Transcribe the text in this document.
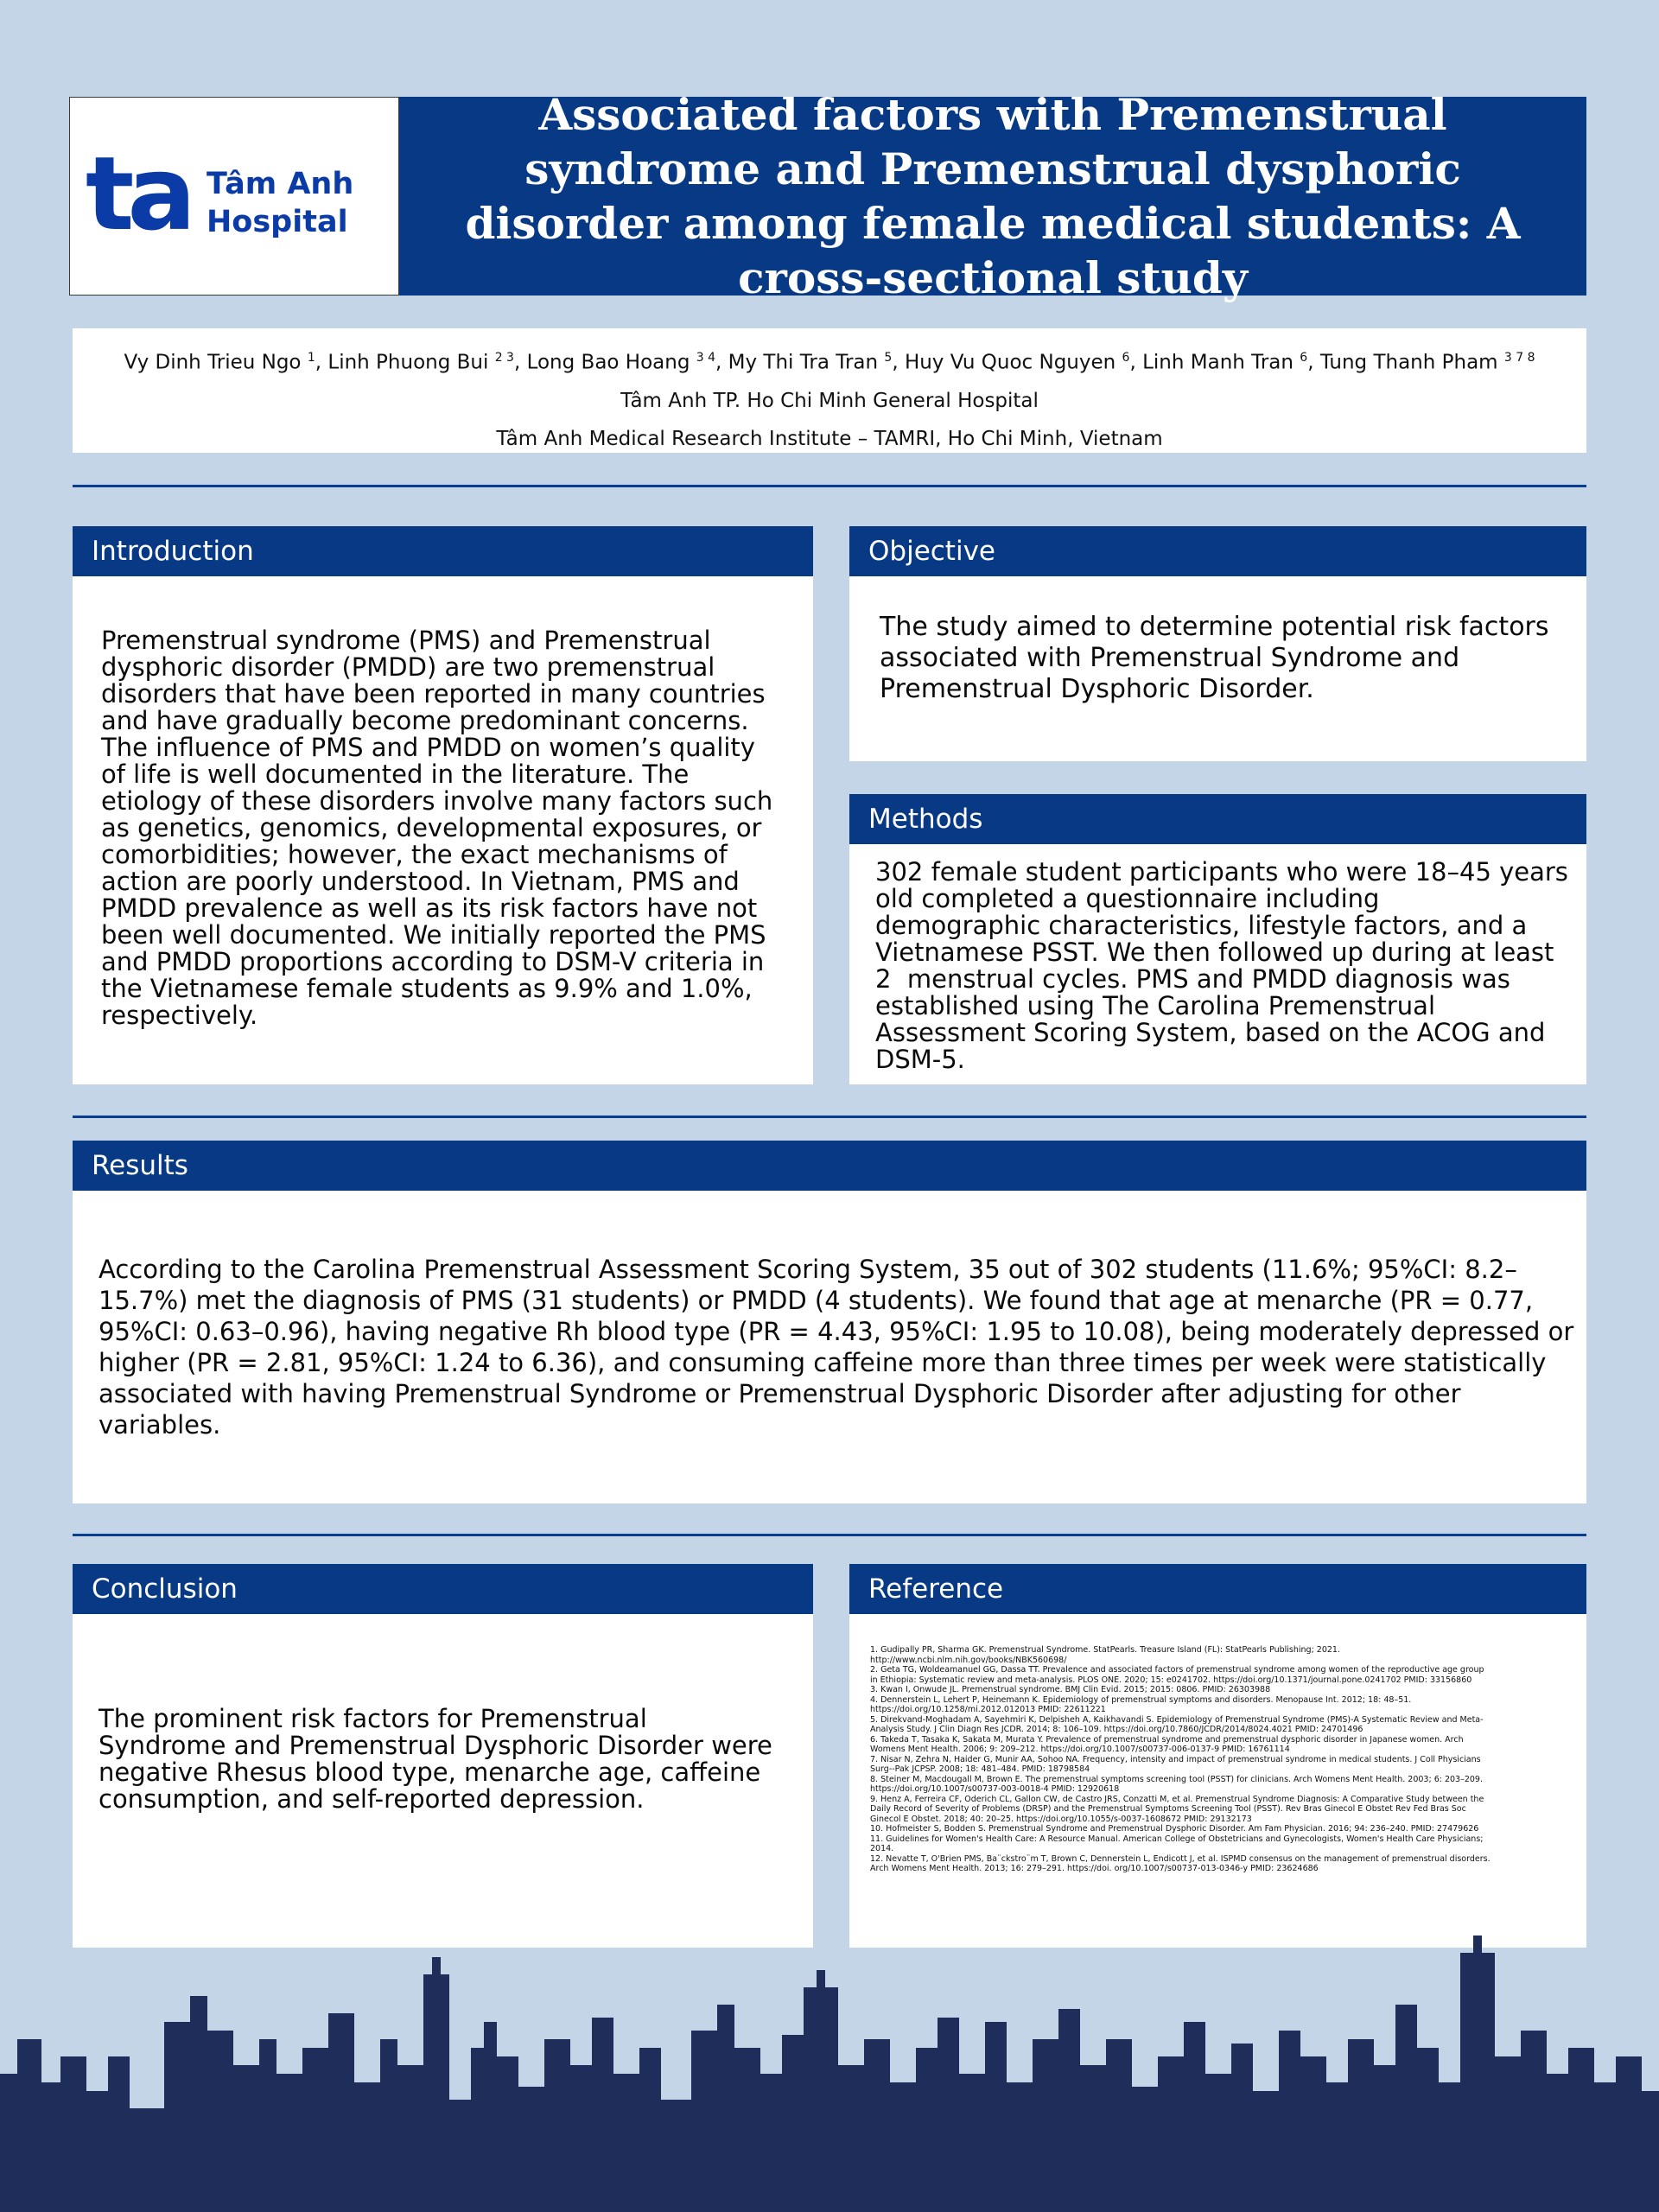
ta Tâm Anh
Hospital
Associated factors with Premenstrual syndrome and Premenstrual dysphoric disorder among female medical students: A cross-sectional study
Vy Dinh Trieu Ngo $^1$, Linh Phuong Bui $^{2 3}$, Long Bao Hoang $^{3 4}$, My Thi Tra Tran $^5$, Huy Vu Quoc Nguyen $^6$, Linh Manh Tran $^6$, Tung Thanh Pham $^{3 7 8}$
Tâm Anh TP. Ho Chi Minh General Hospital
Tâm Anh Medical Research Institute – TAMRI, Ho Chi Minh, Vietnam
Introduction
Premenstrual syndrome (PMS) and Premenstrual
dysphoric disorder (PMDD) are two premenstrual
disorders that have been reported in many countries
and have gradually become predominant concerns.
The influence of PMS and PMDD on women’s quality
of life is well documented in the literature. The
etiology of these disorders involve many factors such
as genetics, genomics, developmental exposures, or
comorbidities; however, the exact mechanisms of
action are poorly understood. In Vietnam, PMS and
PMDD prevalence as well as its risk factors have not
been well documented. We initially reported the PMS
and PMDD proportions according to DSM-V criteria in
the Vietnamese female students as 9.9% and 1.0%,
respectively.
Objective
The study aimed to determine potential risk factors
associated with Premenstrual Syndrome and
Premenstrual Dysphoric Disorder.
Methods
302 female student participants who were 18–45 years
old completed a questionnaire including
demographic characteristics, lifestyle factors, and a
Vietnamese PSST. We then followed up during at least
2  menstrual cycles. PMS and PMDD diagnosis was
established using The Carolina Premenstrual
Assessment Scoring System, based on the ACOG and
DSM-5.
Results
According to the Carolina Premenstrual Assessment Scoring System, 35 out of 302 students (11.6%; 95%CI: 8.2–
15.7%) met the diagnosis of PMS (31 students) or PMDD (4 students). We found that age at menarche (PR = 0.77,
95%CI: 0.63–0.96), having negative Rh blood type (PR = 4.43, 95%CI: 1.95 to 10.08), being moderately depressed or
higher (PR = 2.81, 95%CI: 1.24 to 6.36), and consuming caffeine more than three times per week were statistically
associated with having Premenstrual Syndrome or Premenstrual Dysphoric Disorder after adjusting for other
variables.
Conclusion
The prominent risk factors for Premenstrual
Syndrome and Premenstrual Dysphoric Disorder were
negative Rhesus blood type, menarche age, caffeine
consumption, and self-reported depression.
Reference
1. Gudipally PR, Sharma GK. Premenstrual Syndrome. StatPearls. Treasure Island (FL): StatPearls Publishing; 2021.
http://www.ncbi.nlm.nih.gov/books/NBK560698/
2. Geta TG, Woldeamanuel GG, Dassa TT. Prevalence and associated factors of premenstrual syndrome among women of the reproductive age group
in Ethiopia: Systematic review and meta-analysis. PLOS ONE. 2020; 15: e0241702. https://doi.org/10.1371/journal.pone.0241702 PMID: 33156860
3. Kwan I, Onwude JL. Premenstrual syndrome. BMJ Clin Evid. 2015; 2015: 0806. PMID: 26303988
4. Dennerstein L, Lehert P, Heinemann K. Epidemiology of premenstrual symptoms and disorders. Menopause Int. 2012; 18: 48–51.
https://doi.org/10.1258/mi.2012.012013 PMID: 22611221
5. Direkvand-Moghadam A, Sayehmiri K, Delpisheh A, Kaikhavandi S. Epidemiology of Premenstrual Syndrome (PMS)-A Systematic Review and Meta-
Analysis Study. J Clin Diagn Res JCDR. 2014; 8: 106–109. https://doi.org/10.7860/JCDR/2014/8024.4021 PMID: 24701496
6. Takeda T, Tasaka K, Sakata M, Murata Y. Prevalence of premenstrual syndrome and premenstrual dysphoric disorder in Japanese women. Arch
Womens Ment Health. 2006; 9: 209–212. https://doi.org/10.1007/s00737-006-0137-9 PMID: 16761114
7. Nisar N, Zehra N, Haider G, Munir AA, Sohoo NA. Frequency, intensity and impact of premenstrual syndrome in medical students. J Coll Physicians
Surg--Pak JCPSP. 2008; 18: 481–484. PMID: 18798584
8. Steiner M, Macdougall M, Brown E. The premenstrual symptoms screening tool (PSST) for clinicians. Arch Womens Ment Health. 2003; 6: 203–209.
https://doi.org/10.1007/s00737-003-0018-4 PMID: 12920618
9. Henz A, Ferreira CF, Oderich CL, Gallon CW, de Castro JRS, Conzatti M, et al. Premenstrual Syndrome Diagnosis: A Comparative Study between the
Daily Record of Severity of Problems (DRSP) and the Premenstrual Symptoms Screening Tool (PSST). Rev Bras Ginecol E Obstet Rev Fed Bras Soc
Ginecol E Obstet. 2018; 40: 20–25. https://doi.org/10.1055/s-0037-1608672 PMID: 29132173
10. Hofmeister S, Bodden S. Premenstrual Syndrome and Premenstrual Dysphoric Disorder. Am Fam Physician. 2016; 94: 236–240. PMID: 27479626
11. Guidelines for Women's Health Care: A Resource Manual. American College of Obstetricians and Gynecologists, Women's Health Care Physicians;
2014.
12. Nevatte T, O'Brien PMS, Ba¨ckstro¨m T, Brown C, Dennerstein L, Endicott J, et al. ISPMD consensus on the management of premenstrual disorders.
Arch Womens Ment Health. 2013; 16: 279–291. https://doi. org/10.1007/s00737-013-0346-y PMID: 23624686
